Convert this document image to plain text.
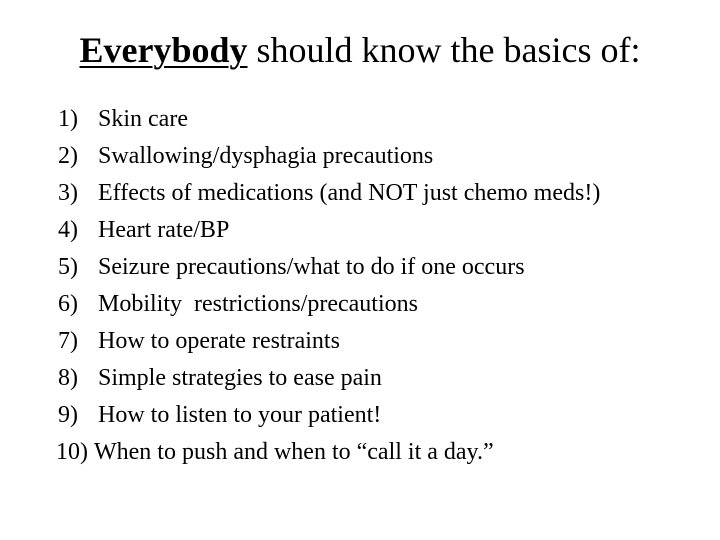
Everybody should know the basics of:
1) Skin care
2) Swallowing/dysphagia precautions
3) Effects of medications (and NOT just chemo meds!)
4) Heart rate/BP
5) Seizure precautions/what to do if one occurs
6) Mobility  restrictions/precautions
7) How to operate restraints
8) Simple strategies to ease pain
9) How to listen to your patient!
10) When to push and when to “call it a day.”
